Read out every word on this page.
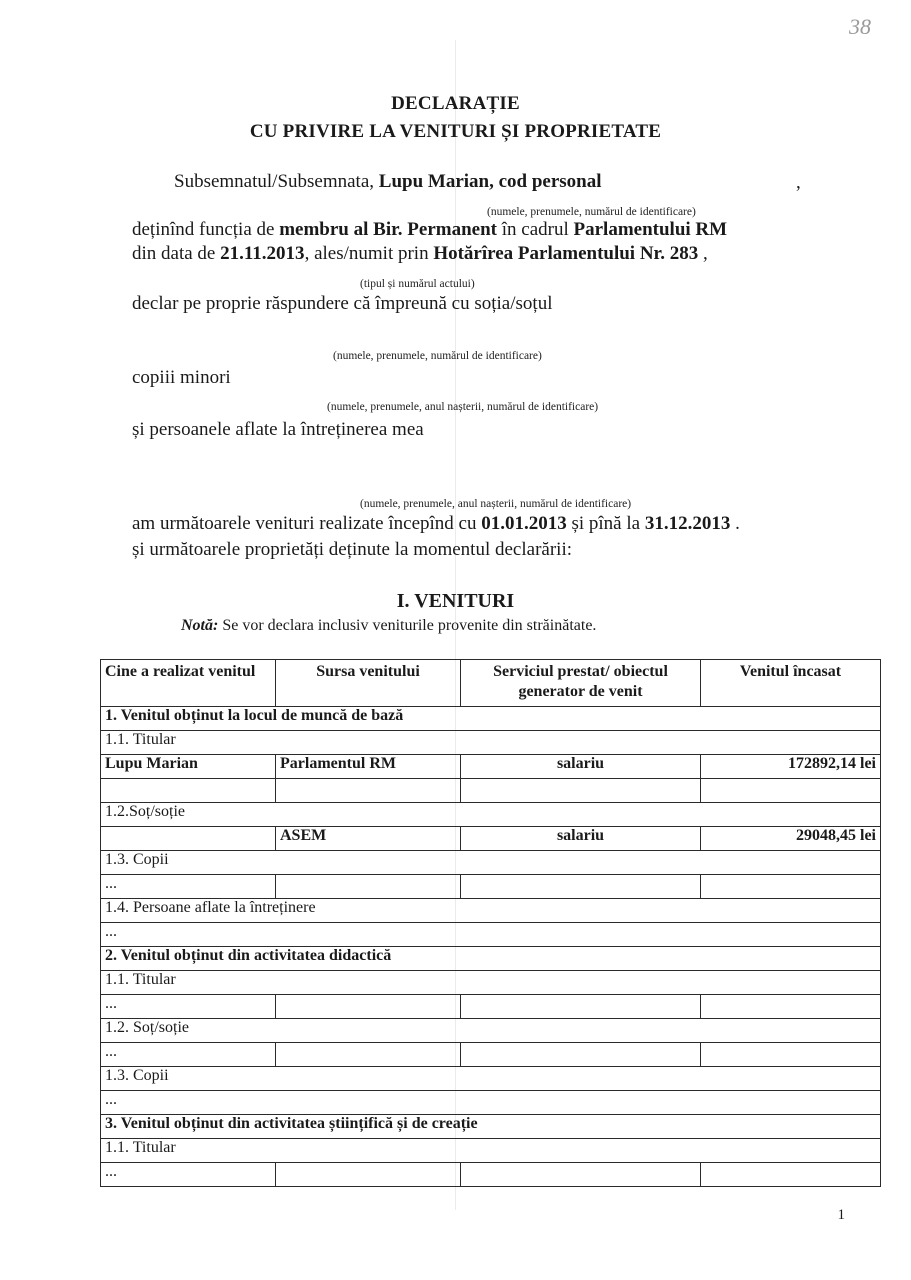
38
DECLARAȚIE
CU PRIVIRE LA VENITURI ȘI PROPRIETATE
Subsemnatul/Subsemnata, Lupu Marian, cod personal	,
(numele, prenumele, numărul de identificare)
deținînd funcția de membru al Bir. Permanent în cadrul Parlamentului RM
din data de 21.11.2013, ales/numit prin Hotărîrea Parlamentului Nr. 283 ,
(tipul și numărul actului)
declar pe proprie răspundere că împreună cu soția/soțul
(numele, prenumele, numărul de identificare)
copiii minori
(numele, prenumele, anul nașterii, numărul de identificare)
și persoanele aflate la întreținerea mea
(numele, prenumele, anul nașterii, numărul de identificare)
am următoarele venituri realizate începînd cu 01.01.2013 și pînă la 31.12.2013 .
și următoarele proprietăți deținute la momentul declarării:
I. VENITURI
Notă: Se vor declara inclusiv veniturile provenite din străinătate.
Cine a realizat venitul	Sursa venitului	Serviciul prestat/ obiectul generator de venit	Venitul încasat
1. Venitul obținut la locul de muncă de bază			
1.1. Titular			
Lupu Marian	Parlamentul RM	salariu	172892,14 lei

1.2.Soț/soție			
	ASEM	salariu	29048,45 lei
1.3. Copii			
...			
1.4. Persoane aflate la întreținere			
...			
2. Venitul obținut din activitatea didactică			
1.1. Titular			
...			
1.2. Soț/soție			
...			
1.3. Copii			
...			
3. Venitul obținut din activitatea științifică și de creație			
1.1. Titular			
...			
1
